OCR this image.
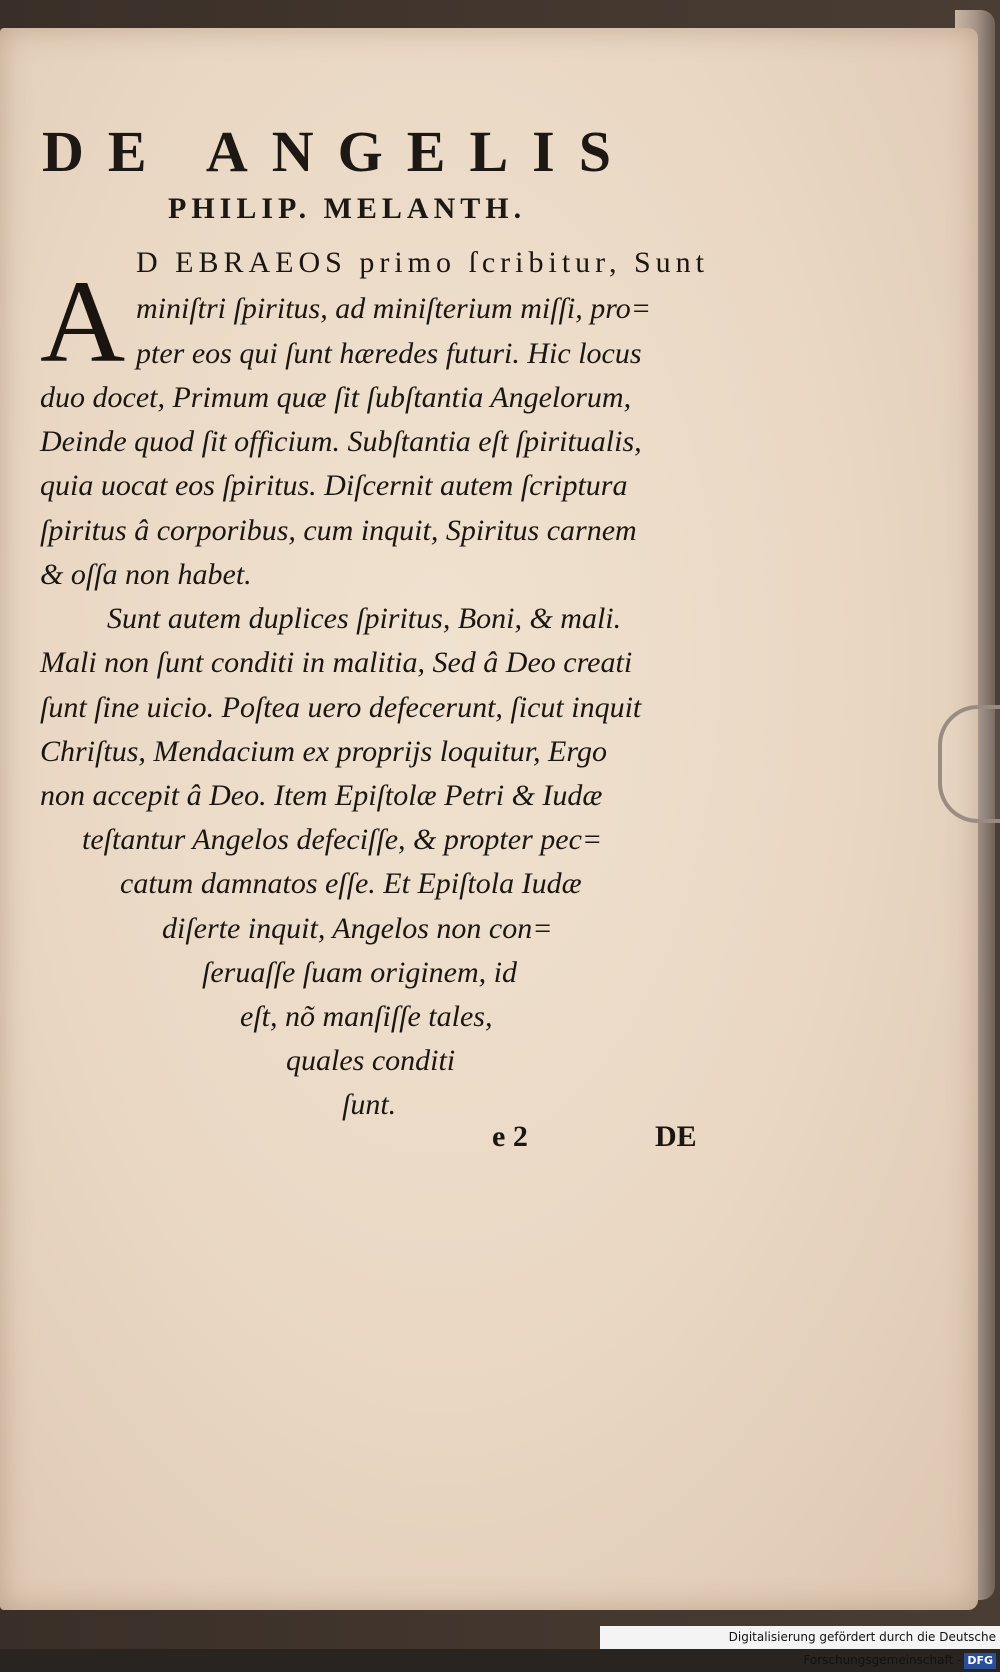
DE ANGELIS
PHILIP. MELANTH.
A D EBRAEOS primo ſcribitur, Sunt
miniſtri ſpiritus, ad miniſterium miſſi, pro=
pter eos qui ſunt hæredes futuri. Hic locus
duo docet, Primum quæ ſit ſubſtantia Angelorum,
Deinde quod ſit officium. Subſtantia eſt ſpiritualis,
quia uocat eos ſpiritus. Diſcernit autem ſcriptura
ſpiritus â corporibus, cum inquit, Spiritus carnem
& oſſa non habet.
Sunt autem duplices ſpiritus, Boni, & mali.
Mali non ſunt conditi in malitia, Sed â Deo creati
ſunt ſine uicio. Poſtea uero defecerunt, ſicut inquit
Chriſtus, Mendacium ex proprijs loquitur, Ergo
non accepit â Deo. Item Epiſtolæ Petri & Iudæ
teſtantur Angelos defeciſſe, & propter pec=
catum damnatos eſſe. Et Epiſtola Iudæ
diſerte inquit, Angelos non con=
ſeruaſſe ſuam originem, id
eſt, nõ manſiſſe tales,
quales conditi
ſunt.
e 2	DE
Digitalisierung gefördert durch die Deutsche Forschungsgemeinschaft - DFG
